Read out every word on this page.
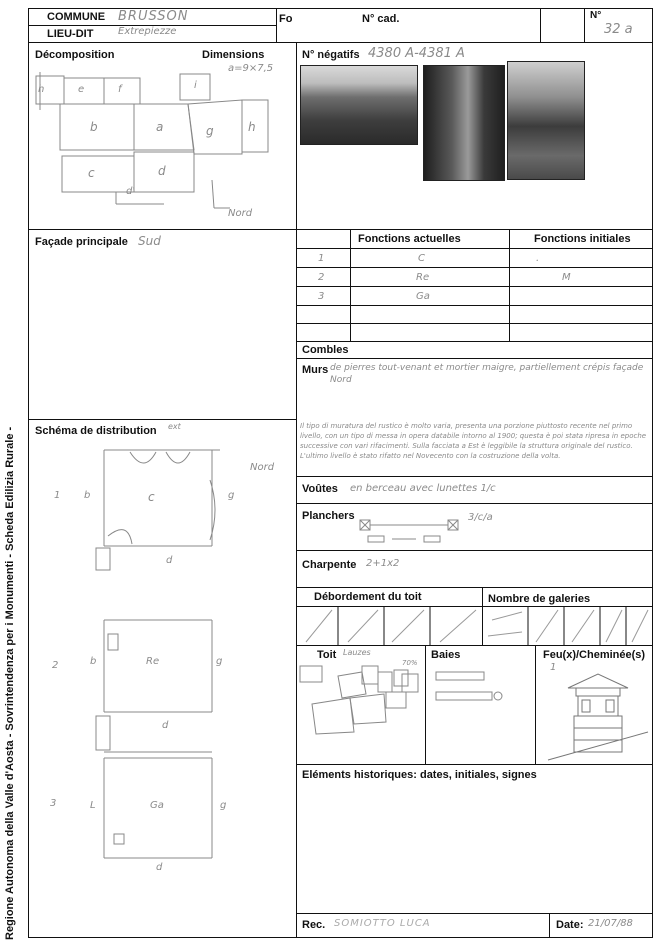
Regione Autonoma della Valle d'Aosta - Sovrintendenza per i Monumenti - Scheda Edilizia Rurale -
COMMUNE BRUSSON
LIEU-DIT Extrepiezze
Fo	N° cad.	N°
32 a
Décomposition	Dimensions
a=9×7,5
h	e	f	i
b	a	g	h
c	d
d'
Nord
N° négatifs 4380 A-4381 A
Façade principale Sud	Fonctions actuelles	Fonctions initiales
1	C	.
2	Re	M
3	Ga
Combles
Murs de pierres tout-venant et mortier maigre, partiellement crépis façade Nord
Il tipo di muratura del rustico è molto varia, presenta una porzione piuttosto recente nel primo livello, con un tipo di messa in opera databile intorno al 1900; questa è poi stata ripresa in epoche successive con vari rifacimenti. Sulla facciata a Est è leggibile la struttura originale del rustico. L'ultimo livello è stato rifatto nel Novecento con la costruzione della volta.
Voûtes en berceau avec lunettes 1/c
Planchers	3/c/a
Charpente 2+1x2
Débordement du toit	Nombre de galeries
Toit Lauzes
70%
Baies	Feu(x)/Cheminée(s)
1
Eléments historiques: dates, initiales, signes
Rec. SOMIOTTO LUCA	Date: 21/07/88
Schéma de distribution ext
Nord
1 b	c	g
d
2	b	Re	g
d
3	L	Ga	g
d
